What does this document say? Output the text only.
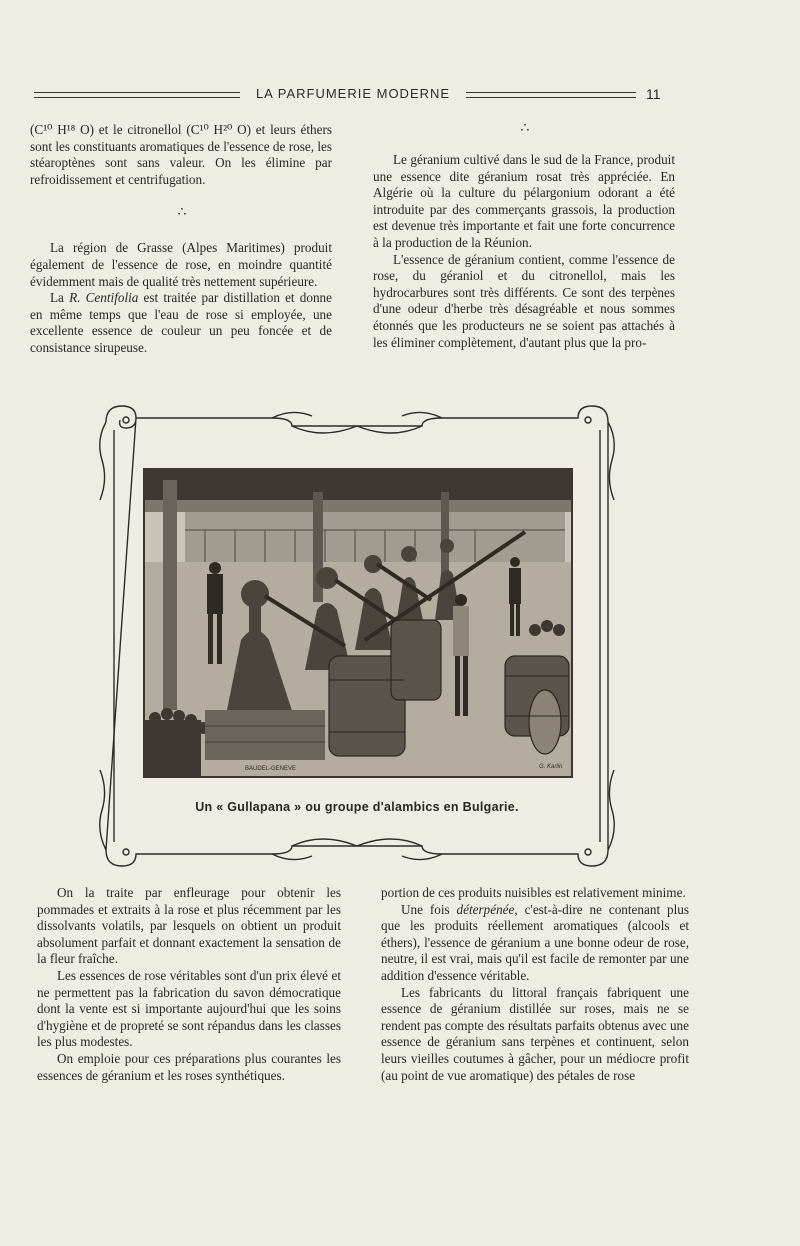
LA PARFUMERIE MODERNE	11

(C¹⁰ H¹⁸ O) et le citronellol (C¹⁰ H²⁰ O) et leurs éthers sont les constituants aromatiques de l'essence de rose, les stéaroptènes sont sans valeur. On les élimine par refroidissement et centrifugation.

∴

La région de Grasse (Alpes Maritimes) produit également de l'essence de rose, en moindre quantité évidemment mais de qualité très nettement supérieure.

La R. Centifolia est traitée par distillation et donne en même temps que l'eau de rose si employée, une excellente essence de couleur un peu foncée et de consistance sirupeuse.

∴

Le géranium cultivé dans le sud de la France, produit une essence dite géranium rosat très appréciée. En Algérie où la culture du pélargonium odorant a été introduite par des commerçants grassois, la production est devenue très importante et fait une forte concurrence à la production de la Réunion.

L'essence de géranium contient, comme l'essence de rose, du géraniol et du citronellol, mais les hydrocarbures sont très différents. Ce sont des terpènes d'une odeur d'herbe très désagréable et nous sommes étonnés que les producteurs ne se soient pas attachés à les éliminer complètement, d'autant plus que la pro-

BAUDEL-GENEVE	G. Karlin
Un « Gullapana » ou groupe d'alambics en Bulgarie.

On la traite par enfleurage pour obtenir les pommades et extraits à la rose et plus récemment par les dissolvants volatils, par lesquels on obtient un produit absolument parfait et donnant exactement la sensation de la fleur fraîche.

Les essences de rose véritables sont d'un prix élevé et ne permettent pas la fabrication du savon démocratique dont la vente est si importante aujourd'hui que les soins d'hygiène et de propreté se sont répandus dans les classes les plus modestes.

On emploie pour ces préparations plus courantes les essences de géranium et les roses synthétiques.

portion de ces produits nuisibles est relativement minime.

Une fois déterpénée, c'est-à-dire ne contenant plus que les produits réellement aromatiques (alcools et éthers), l'essence de géranium a une bonne odeur de rose, neutre, il est vrai, mais qu'il est facile de remonter par une addition d'essence véritable.

Les fabricants du littoral français fabriquent une essence de géranium distillée sur roses, mais ne se rendent pas compte des résultats parfaits obtenus avec une essence de géranium sans terpènes et continuent, selon leurs vieilles coutumes à gâcher, pour un médiocre profit (au point de vue aromatique) des pétales de rose
